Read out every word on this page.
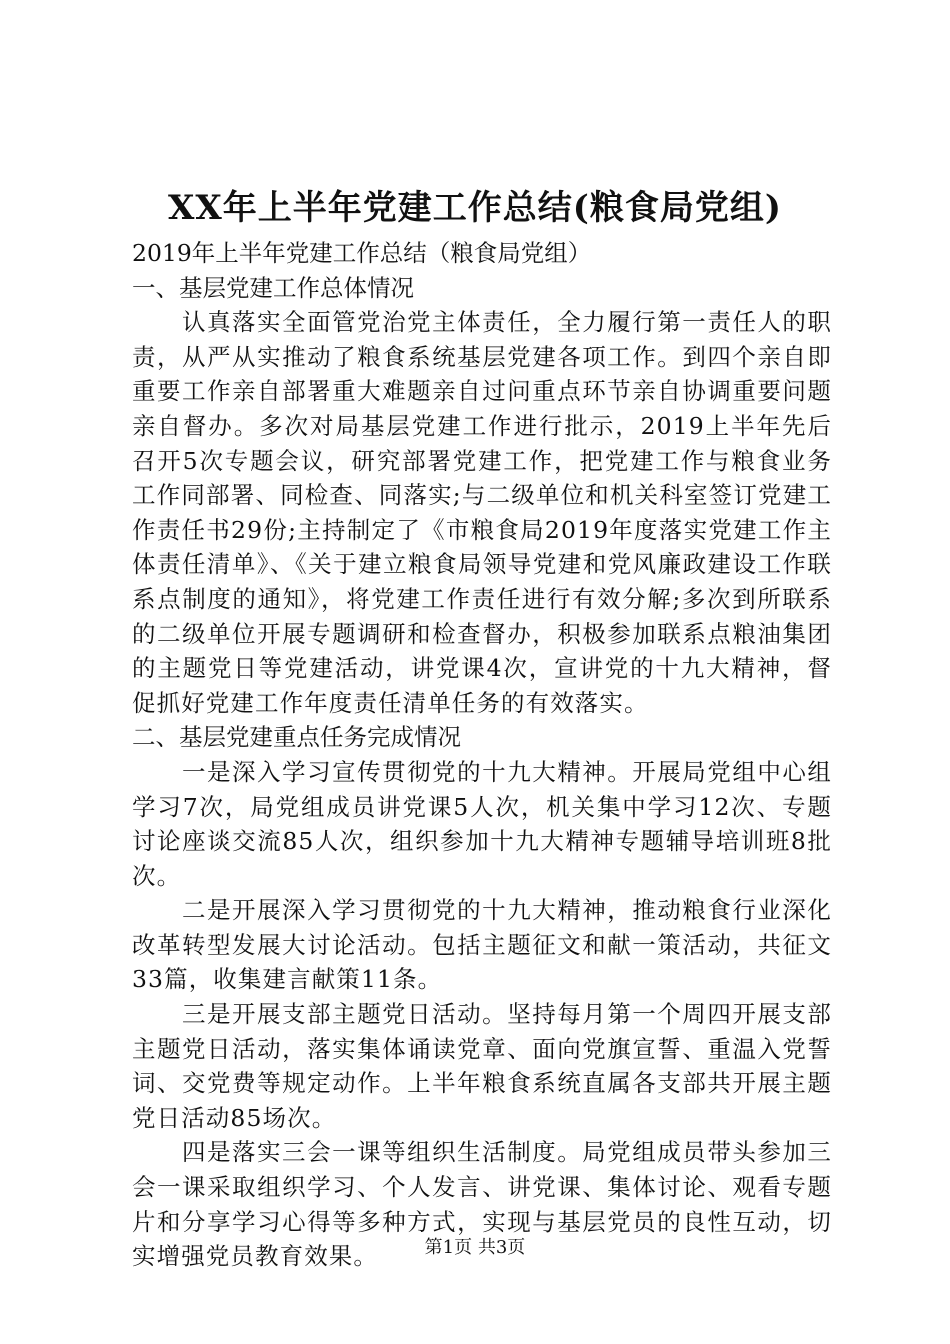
XX年上半年党建工作总结(粮食局党组)

2019年上半年党建工作总结（粮食局党组）

一、基层党建工作总体情况

认真落实全面管党治党主体责任，全力履行第一责任人的职责，从严从实推动了粮食系统基层党建各项工作。到四个亲自即重要工作亲自部署重大难题亲自过问重点环节亲自协调重要问题亲自督办。多次对局基层党建工作进行批示，2019上半年先后召开5次专题会议，研究部署党建工作，把党建工作与粮食业务工作同部署、同检查、同落实;与二级单位和机关科室签订党建工作责任书29份;主持制定了《市粮食局2019年度落实党建工作主体责任清单》、《关于建立粮食局领导党建和党风廉政建设工作联系点制度的通知》，将党建工作责任进行有效分解;多次到所联系的二级单位开展专题调研和检查督办，积极参加联系点粮油集团的主题党日等党建活动，讲党课4次，宣讲党的十九大精神，督促抓好党建工作年度责任清单任务的有效落实。

二、基层党建重点任务完成情况

一是深入学习宣传贯彻党的十九大精神。开展局党组中心组学习7次，局党组成员讲党课5人次，机关集中学习12次、专题讨论座谈交流85人次，组织参加十九大精神专题辅导培训班8批次。

二是开展深入学习贯彻党的十九大精神，推动粮食行业深化改革转型发展大讨论活动。包括主题征文和献一策活动，共征文33篇，收集建言献策11条。

三是开展支部主题党日活动。坚持每月第一个周四开展支部主题党日活动，落实集体诵读党章、面向党旗宣誓、重温入党誓词、交党费等规定动作。上半年粮食系统直属各支部共开展主题党日活动85场次。

四是落实三会一课等组织生活制度。局党组成员带头参加三会一课采取组织学习、个人发言、讲党课、集体讨论、观看专题片和分享学习心得等多种方式，实现与基层党员的良性互动，切实增强党员教育效果。	第1页 共3页
